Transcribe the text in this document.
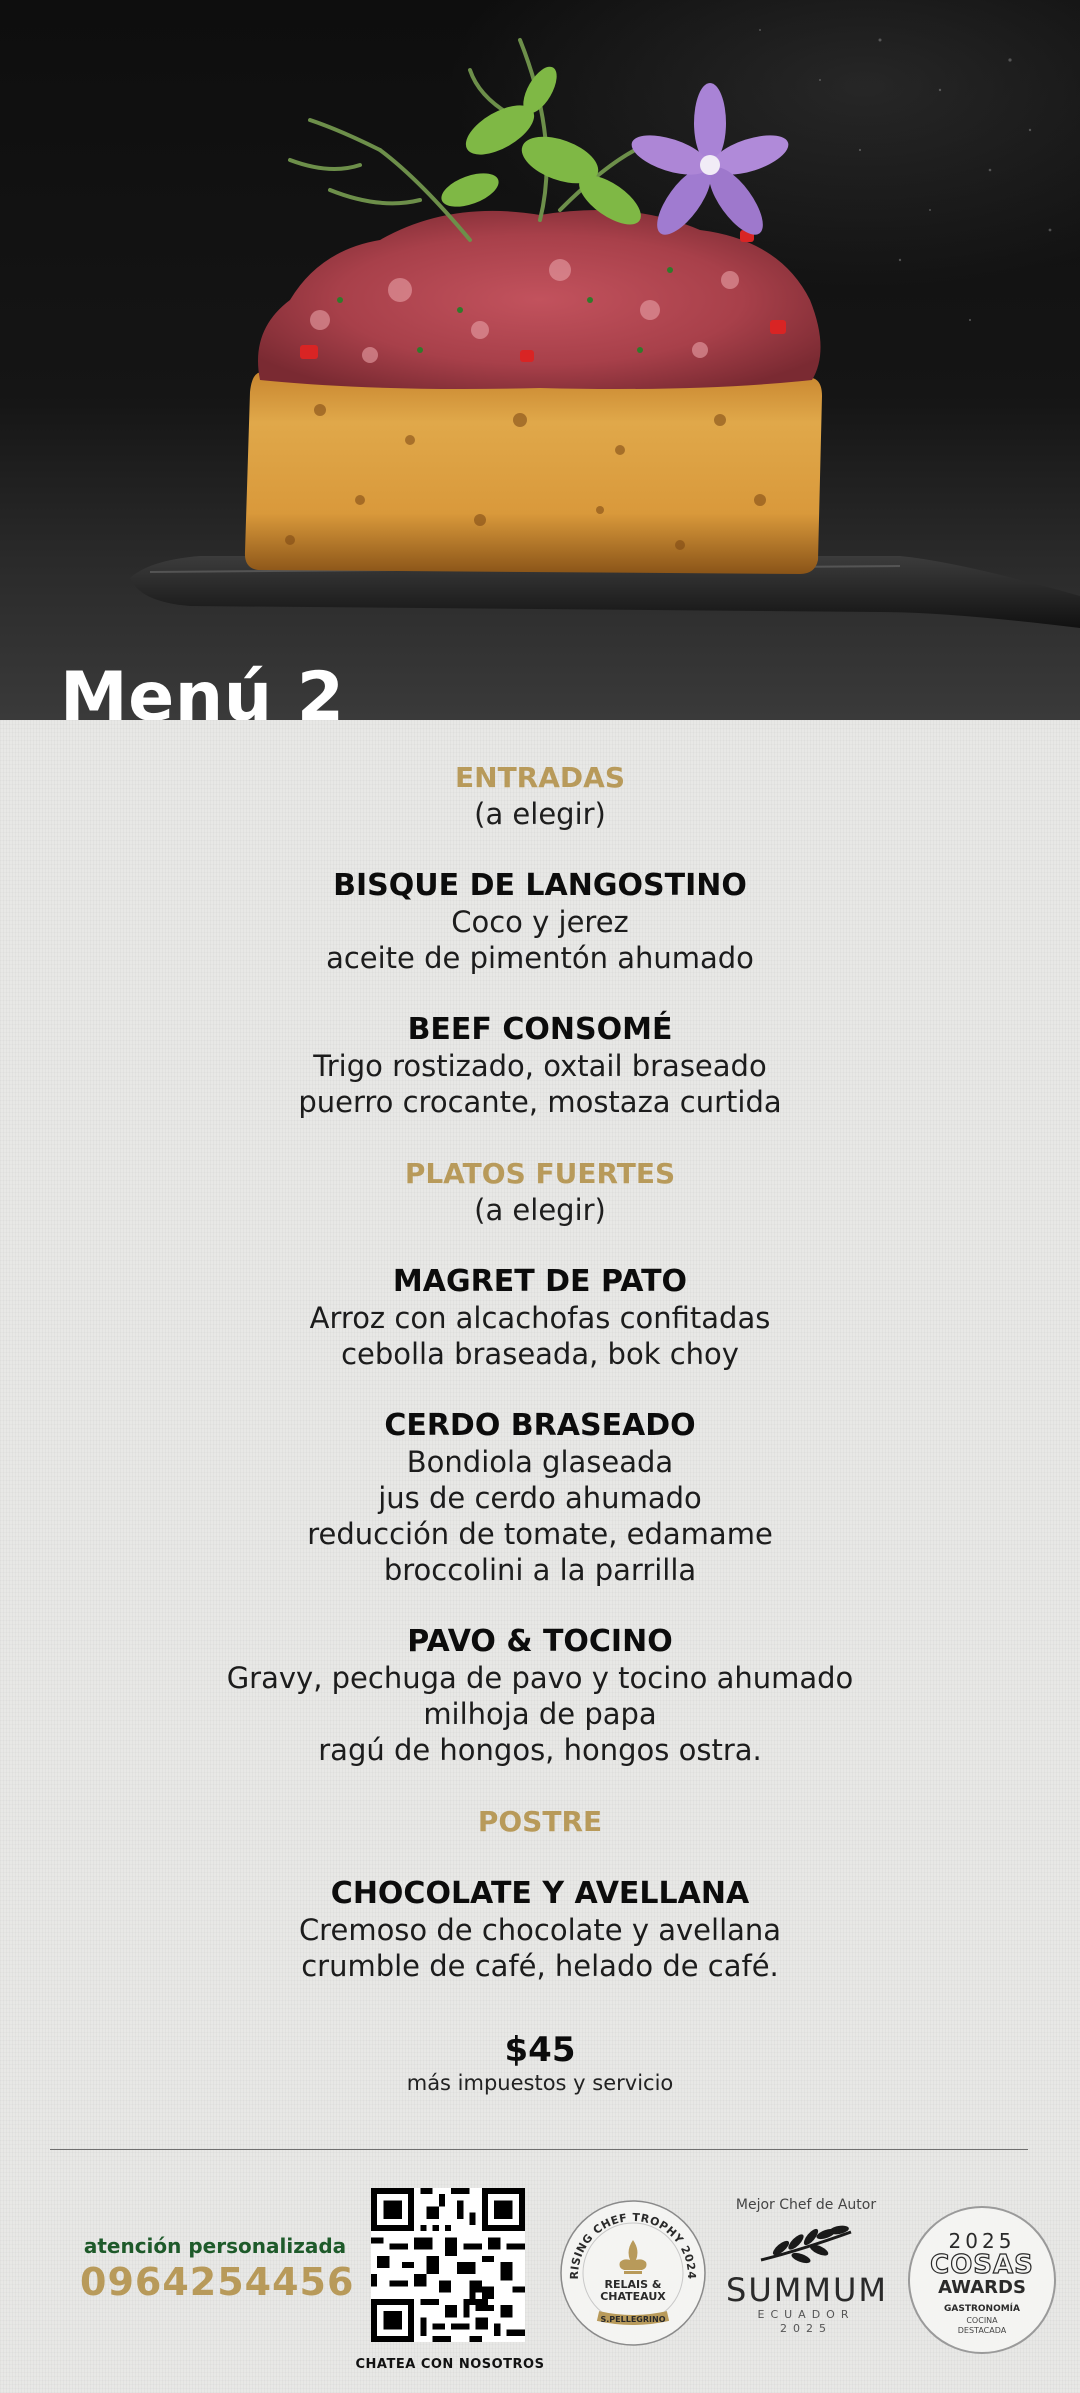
Menú 2

ENTRADAS

(a elegir)

BISQUE DE LANGOSTINO

Coco y jerez

aceite de pimentón ahumado

BEEF CONSOMÉ

Trigo rostizado, oxtail braseado

puerro crocante, mostaza curtida

PLATOS FUERTES

(a elegir)

MAGRET DE PATO

Arroz con alcachofas confitadas

cebolla braseada, bok choy

CERDO BRASEADO

Bondiola glaseada

jus de cerdo ahumado

reducción de tomate, edamame

broccolini a la parrilla

PAVO & TOCINO

Gravy, pechuga de pavo y tocino ahumado

milhoja de papa

ragú de hongos, hongos ostra.

POSTRE

CHOCOLATE Y AVELLANA

Cremoso de chocolate y avellana

crumble de café, helado de café.

$45

más impuestos y servicio

atención personalizada

0964254456

CHATEA CON NOSOTROS
RISING CHEF TROPHY 2024
RELAIS &
CHATEAUX
S.PELLEGRINO
Mejor Chef de Autor
SUMMUM
ECUADOR
2025
2025
COSAS
AWARDS
GASTRONOMÍA
COCINA
DESTACADA
